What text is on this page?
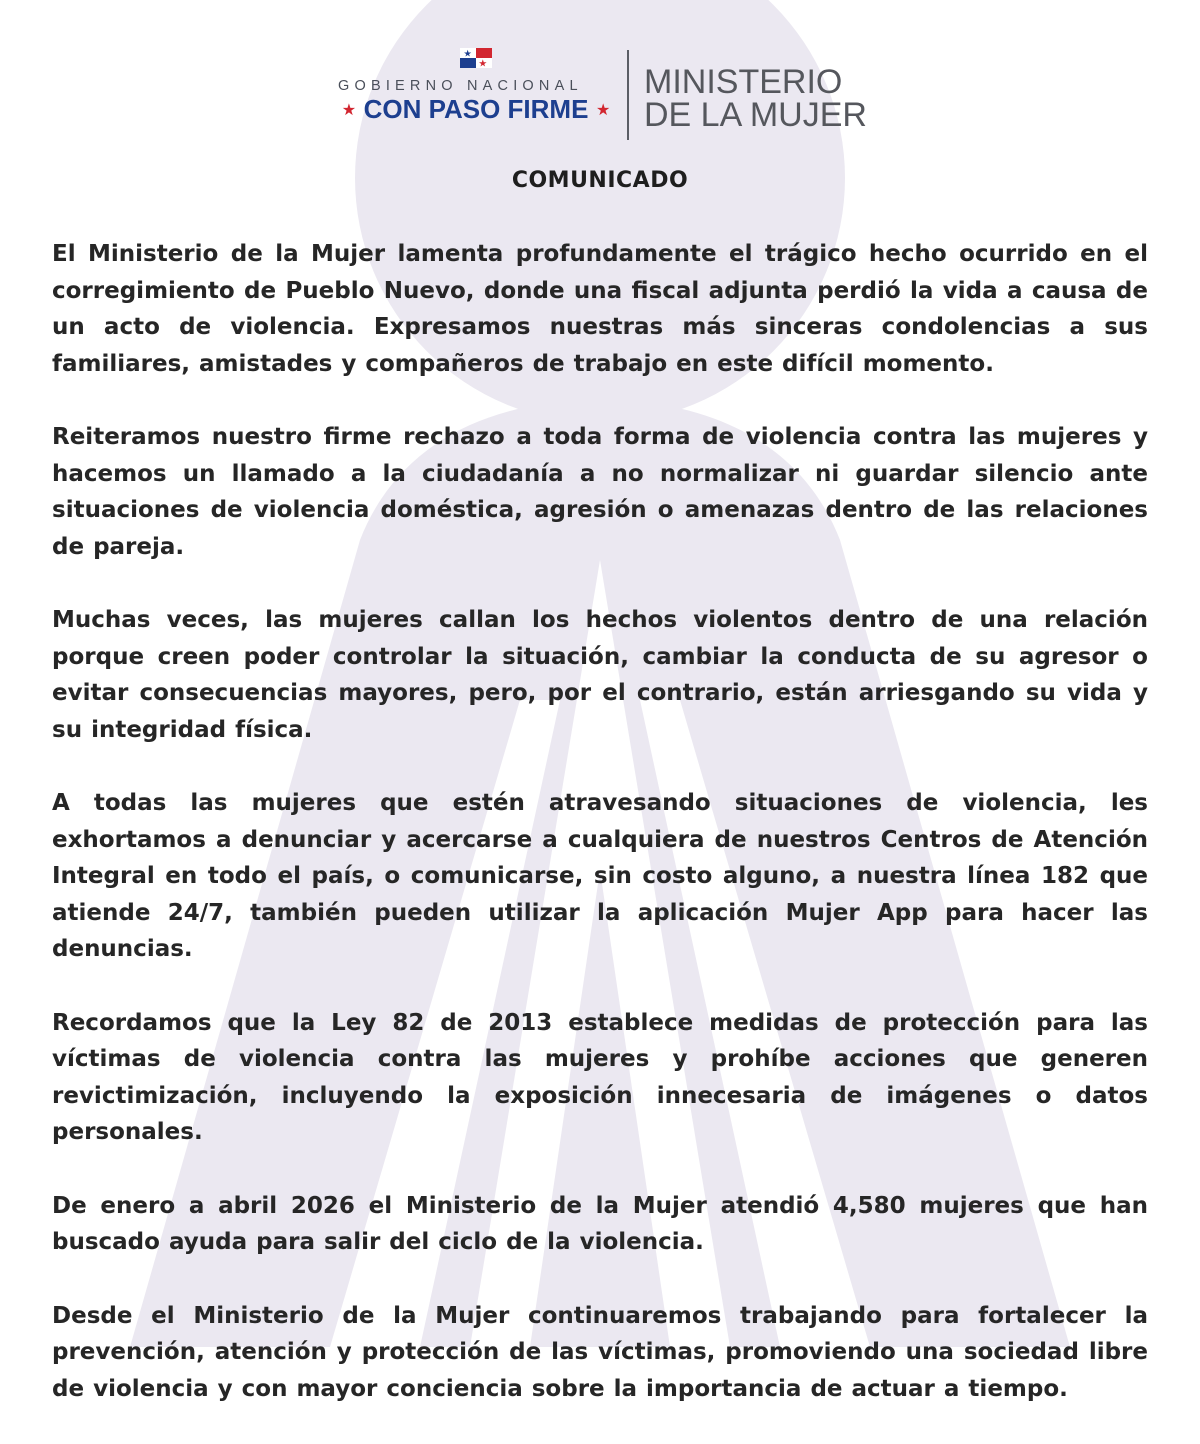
GOBIERNO NACIONAL
★ CON PASO FIRME ★
MINISTERIO
DE LA MUJER
COMUNICADO

El Ministerio de la Mujer lamenta profundamente el trágico hecho ocurrido en el corregimiento de Pueblo Nuevo, donde una fiscal adjunta perdió la vida a causa de un acto de violencia. Expresamos nuestras más sinceras condolencias a sus familiares, amistades y compañeros de trabajo en este difícil momento.

Reiteramos nuestro firme rechazo a toda forma de violencia contra las mujeres y hacemos un llamado a la ciudadanía a no normalizar ni guardar silencio ante situaciones de violencia doméstica, agresión o amenazas dentro de las relaciones de pareja.

Muchas veces, las mujeres callan los hechos violentos dentro de una relación porque creen poder controlar la situación, cambiar la conducta de su agresor o evitar consecuencias mayores, pero, por el contrario, están arriesgando su vida y su integridad física.

A todas las mujeres que estén atravesando situaciones de violencia, les exhortamos a denunciar y acercarse a cualquiera de nuestros Centros de Atención Integral en todo el país, o comunicarse, sin costo alguno, a nuestra línea 182 que atiende 24/7, también pueden utilizar la aplicación Mujer App para hacer las denuncias.

Recordamos que la Ley 82 de 2013 establece medidas de protección para las víctimas de violencia contra las mujeres y prohíbe acciones que generen revictimización, incluyendo la exposición innecesaria de imágenes o datos personales.

De enero a abril 2026 el Ministerio de la Mujer atendió 4,580 mujeres que han buscado ayuda para salir del ciclo de la violencia.

Desde el Ministerio de la Mujer continuaremos trabajando para fortalecer la prevención, atención y protección de las víctimas, promoviendo una sociedad libre de violencia y con mayor conciencia sobre la importancia de actuar a tiempo.
